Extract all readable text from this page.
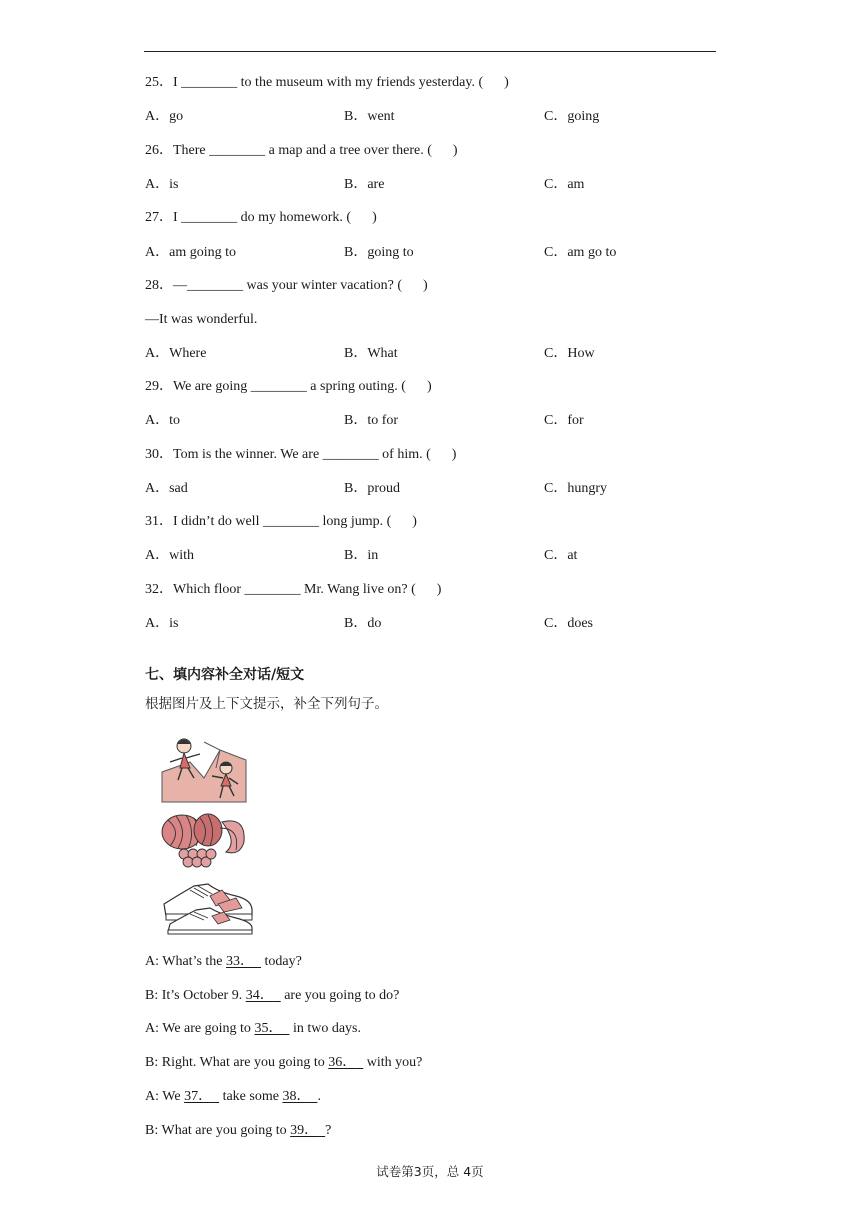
25．I ________ to the museum with my friends yesterday. (      )
A．go	B．went	C．going
26．There ________ a map and a tree over there. (      )
A．is	B．are	C．am
27．I ________ do my homework. (      )
A．am going to	B．going to	C．am go to
28．—________ was your winter vacation? (      )
—It was wonderful.
A．Where	B．What	C．How
29．We are going ________ a spring outing. (      )
A．to	B．to for	C．for
30．Tom is the winner. We are ________ of him. (      )
A．sad	B．proud	C．hungry
31．I didn’t do well ________ long jump. (      )
A．with	B．in	C．at
32．Which floor ________ Mr. Wang live on? (      )
A．is	B．do	C．does
七、填内容补全对话/短文
根据图片及上下文提示，补全下列句子。
A: What’s the 33． today?
B: It’s October 9. 34． are you going to do?
A: We are going to 35． in two days.
B: Right. What are you going to 36． with you?
A: We 37． take some 38． .
B: What are you going to 39． ?
试卷第3页，总 4页
